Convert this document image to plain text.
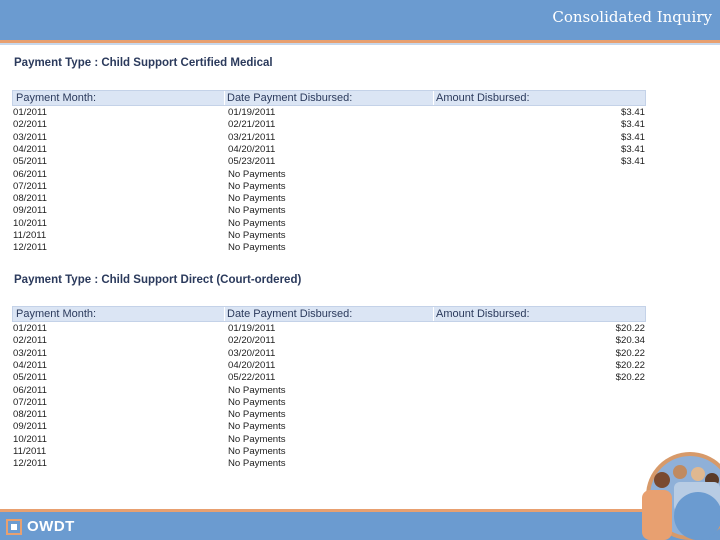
Consolidated Inquiry
Payment Type : Child Support Certified Medical
Payment Month:	Date Payment Disbursed:	Amount Disbursed:
01/2011	01/19/2011	$3.41
02/2011	02/21/2011	$3.41
03/2011	03/21/2011	$3.41
04/2011	04/20/2011	$3.41
05/2011	05/23/2011	$3.41
06/2011	No Payments
07/2011	No Payments
08/2011	No Payments
09/2011	No Payments
10/2011	No Payments
11/2011	No Payments
12/2011	No Payments
Payment Type : Child Support Direct (Court-ordered)
Payment Month:	Date Payment Disbursed:	Amount Disbursed:
01/2011	01/19/2011	$20.22
02/2011	02/20/2011	$20.34
03/2011	03/20/2011	$20.22
04/2011	04/20/2011	$20.22
05/2011	05/22/2011	$20.22
06/2011	No Payments
07/2011	No Payments
08/2011	No Payments
09/2011	No Payments
10/2011	No Payments
11/2011	No Payments
12/2011	No Payments
OWDT
